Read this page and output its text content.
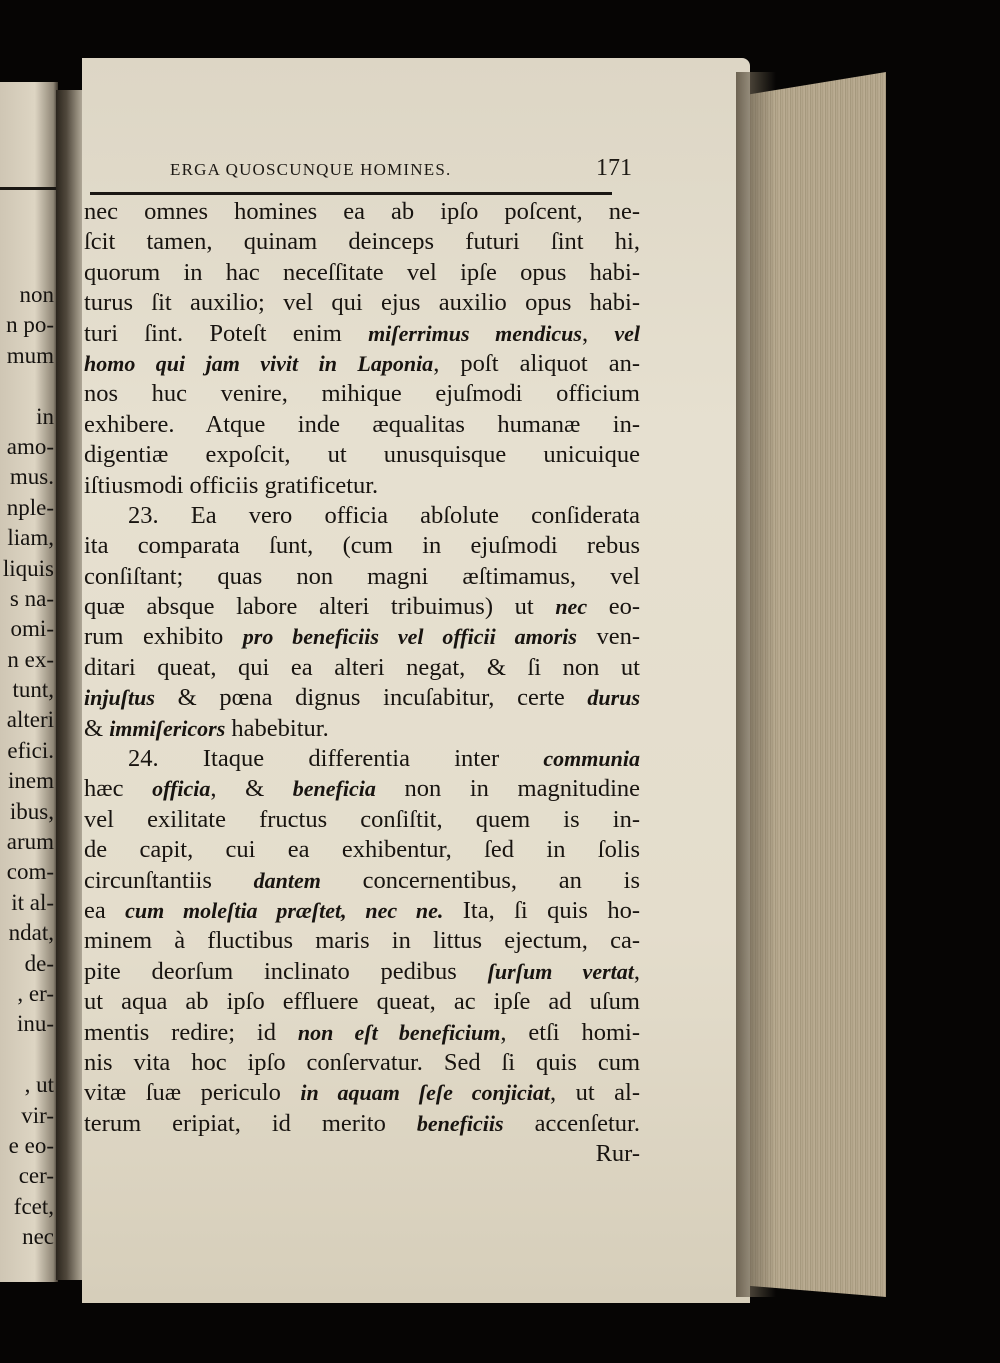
non
n po-
mum
in
amo-
mus.
nple-
liam,
liquis
s na-
omi-
n ex-
tunt,
alteri
efici.
inem
ibus,
arum
com-
it al-
ndat,
de-
, er-
inu-
, ut
vir-
e eo-
cer-
fcet,
nec
ERGA QUOSCUNQUE HOMINES.	171
nec omnes homines ea ab ipſo poſcent, ne-
ſcit tamen, quinam deinceps futuri ſint hi,
quorum in hac neceſſitate vel ipſe opus habi-
turus ſit auxilio; vel qui ejus auxilio opus habi-
turi ſint. Poteſt enim miſerrimus mendicus, vel
homo qui jam vivit in Laponia, poſt aliquot an-
nos huc venire, mihique ejuſmodi officium
exhibere. Atque inde æqualitas humanæ in-
digentiæ expoſcit, ut unusquisque unicuique
iſtiusmodi officiis gratificetur.
23. Ea vero officia abſolute conſiderata
ita comparata ſunt, (cum in ejuſmodi rebus
conſiſtant; quas non magni æſtimamus, vel
quæ absque labore alteri tribuimus) ut nec eo-
rum exhibito pro beneficiis vel officii amoris ven-
ditari queat, qui ea alteri negat, & ſi non ut
injuſtus & pœna dignus incuſabitur, certe durus
& immiſericors habebitur.
24. Itaque differentia inter communia
hæc officia, & beneficia non in magnitudine
vel exilitate fructus conſiſtit, quem is in-
de capit, cui ea exhibentur, ſed in ſolis
circunſtantiis dantem concernentibus, an is
ea cum moleſtia præſtet, nec ne. Ita, ſi quis ho-
minem à fluctibus maris in littus ejectum, ca-
pite deorſum inclinato pedibus ſurſum vertat,
ut aqua ab ipſo effluere queat, ac ipſe ad uſum
mentis redire; id non eſt beneficium, etſi homi-
nis vita hoc ipſo conſervatur. Sed ſi quis cum
vitæ ſuæ periculo in aquam ſeſe conjiciat, ut al-
terum eripiat, id merito beneficiis accenſetur.
Rur-
